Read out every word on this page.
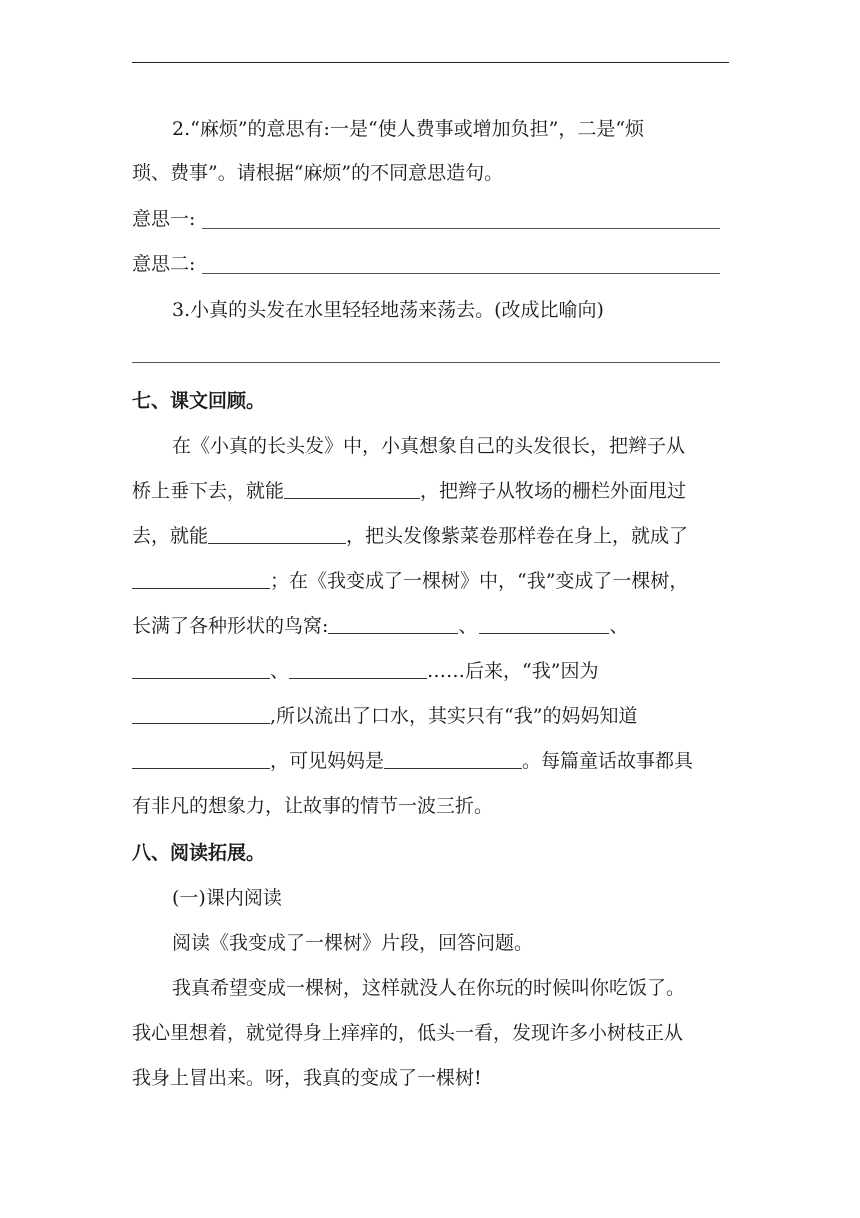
2.“麻烦”的意思有:一是“使人费事或增加负担”，二是“烦
琐、费事”。请根据“麻烦”的不同意思造句。
意思一:
意思二:
3.小真的头发在水里轻轻地荡来荡去。(改成比喻向)
七、课文回顾。
在《小真的长头发》中，小真想象自己的头发很长，把辫子从
桥上垂下去，就能	，把辫子从牧场的栅栏外面甩过
去，就能	，把头发像紫菜卷那样卷在身上，就成了
；在《我变成了一棵树》中，“我”变成了一棵树，
长满了各种形状的鸟窝:	、	、
、	……后来，“我”因为
,所以流出了口水，其实只有“我”的妈妈知道
，可见妈妈是	。每篇童话故事都具
有非凡的想象力，让故事的情节一波三折。
八、阅读拓展。
(一)课内阅读
阅读《我变成了一棵树》片段，回答问题。
我真希望变成一棵树，这样就没人在你玩的时候叫你吃饭了。
我心里想着，就觉得身上痒痒的，低头一看，发现许多小树枝正从
我身上冒出来。呀，我真的变成了一棵树!
